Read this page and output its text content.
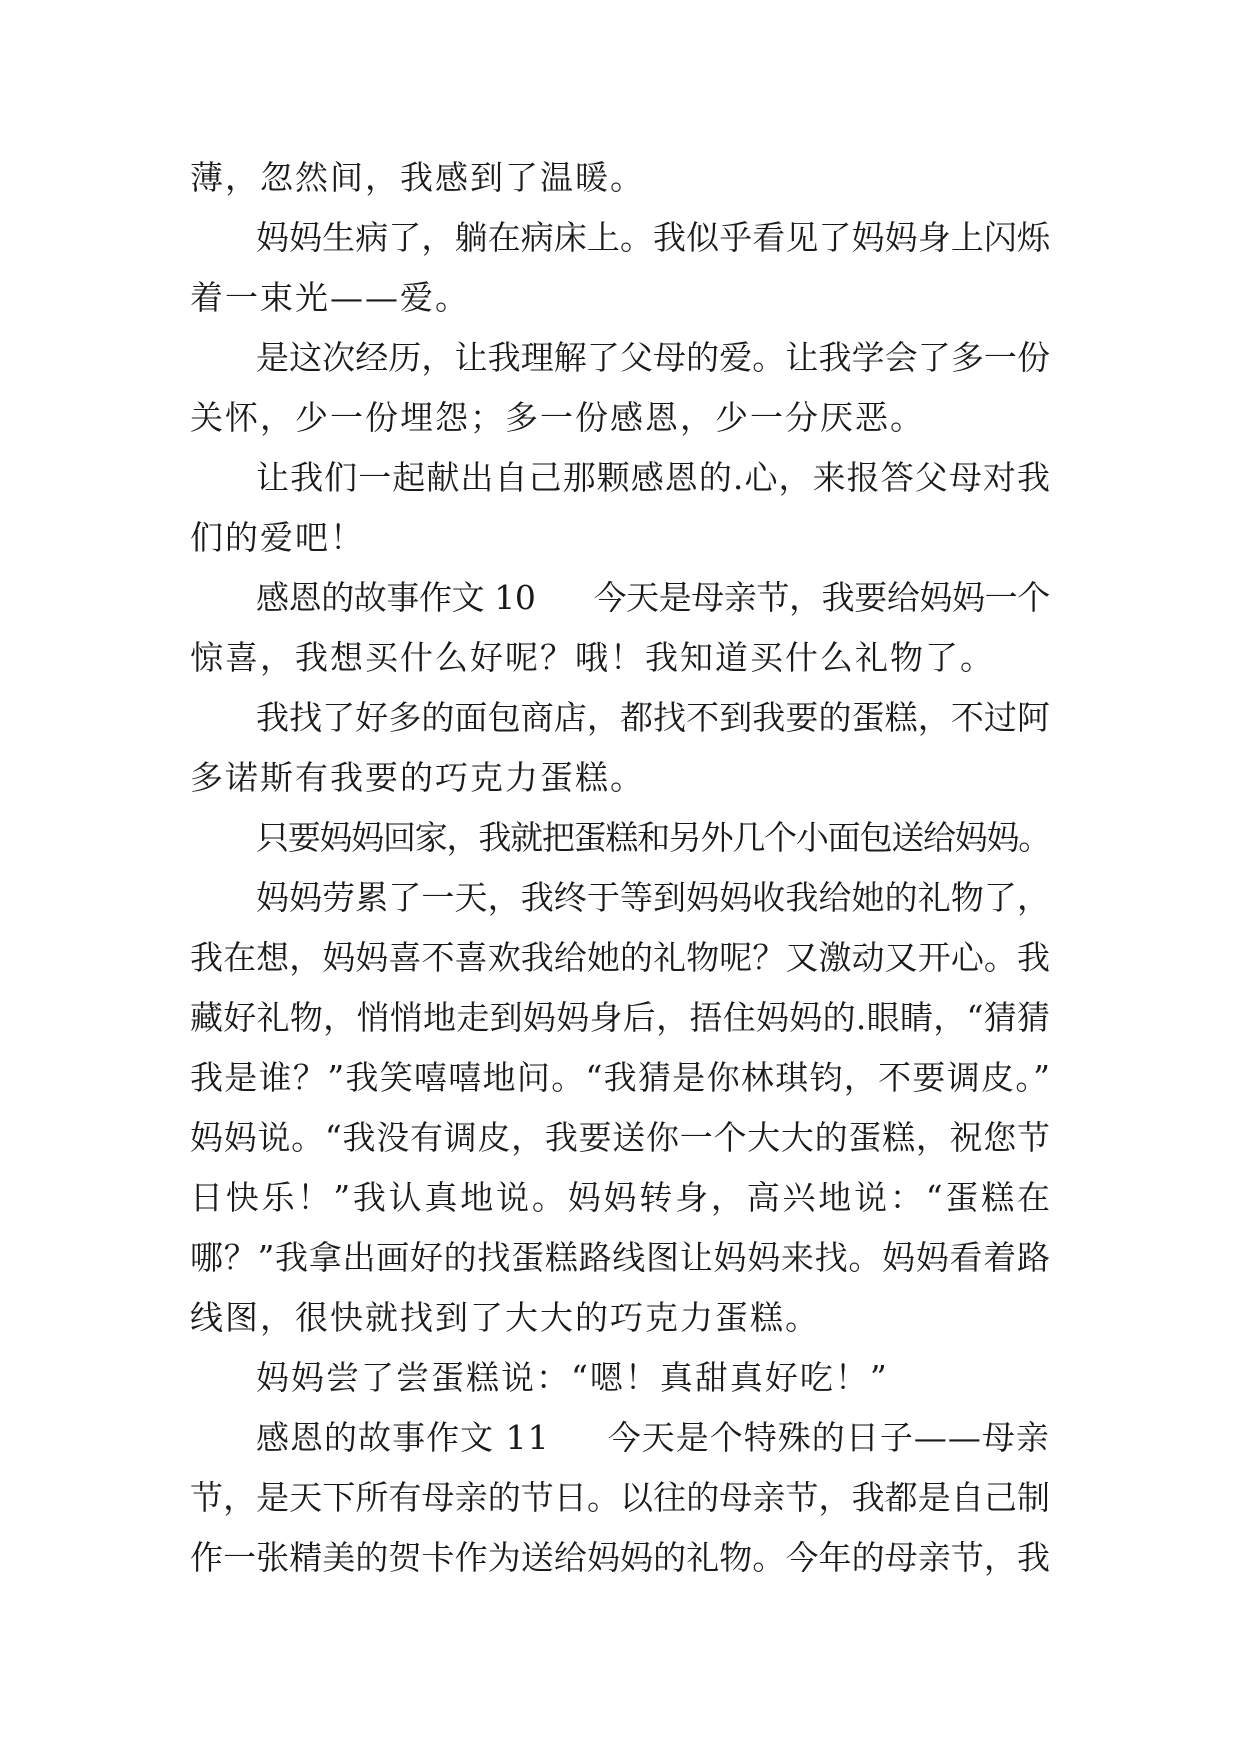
薄，忽然间，我感到了温暖。
妈妈生病了，躺在病床上。我似乎看见了妈妈身上闪烁
着一束光——爱。
是这次经历，让我理解了父母的爱。让我学会了多一份
关怀，少一份埋怨；多一份感恩，少一分厌恶。
让我们一起献出自己那颗感恩的.心，来报答父母对我
们的爱吧！
感恩的故事作文 10 今天是母亲节，我要给妈妈一个
惊喜，我想买什么好呢？哦！我知道买什么礼物了。
我找了好多的面包商店，都找不到我要的蛋糕，不过阿
多诺斯有我要的巧克力蛋糕。
只要妈妈回家，我就把蛋糕和另外几个小面包送给妈妈。
妈妈劳累了一天，我终于等到妈妈收我给她的礼物了，
我在想，妈妈喜不喜欢我给她的礼物呢？又激动又开心。我
藏好礼物，悄悄地走到妈妈身后，捂住妈妈的.眼睛，“猜猜
我是谁？”我笑嘻嘻地问。“我猜是你林琪钧，不要调皮。”
妈妈说。“我没有调皮，我要送你一个大大的蛋糕，祝您节
日快乐！”我认真地说。妈妈转身，高兴地说：“蛋糕在
哪？”我拿出画好的找蛋糕路线图让妈妈来找。妈妈看着路
线图，很快就找到了大大的巧克力蛋糕。
妈妈尝了尝蛋糕说：“嗯！真甜真好吃！”
感恩的故事作文 11 今天是个特殊的日子——母亲
节，是天下所有母亲的节日。以往的母亲节，我都是自己制
作一张精美的贺卡作为送给妈妈的礼物。今年的母亲节，我
